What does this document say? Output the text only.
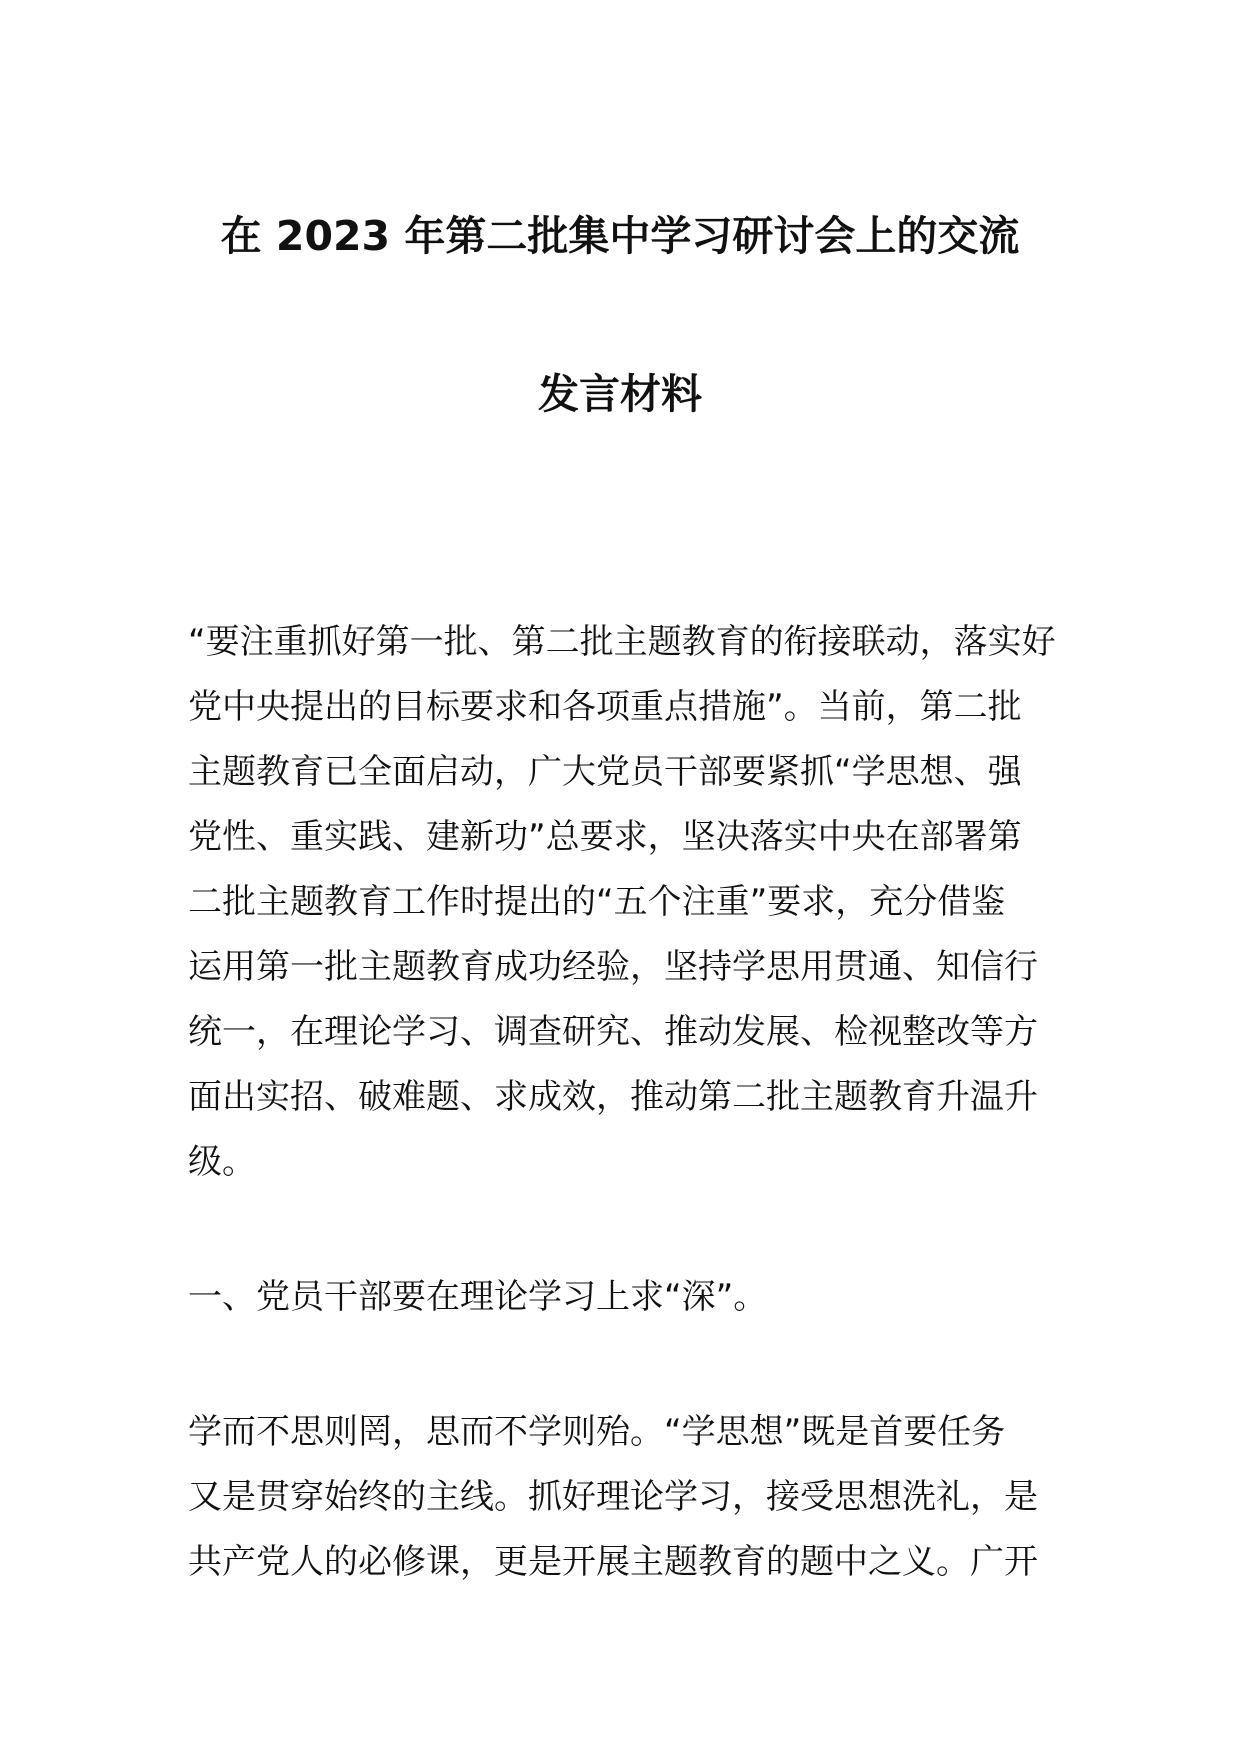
在 2023 年第二批集中学习研讨会上的交流
发言材料
“要注重抓好第一批、第二批主题教育的衔接联动，落实好
党中央提出的目标要求和各项重点措施”。当前，第二批
主题教育已全面启动，广大党员干部要紧抓“学思想、强
党性、重实践、建新功”总要求，坚决落实中央在部署第
二批主题教育工作时提出的“五个注重”要求，充分借鉴
运用第一批主题教育成功经验，坚持学思用贯通、知信行
统一，在理论学习、调查研究、推动发展、检视整改等方
面出实招、破难题、求成效，推动第二批主题教育升温升
级。
一、党员干部要在理论学习上求“深”。
学而不思则罔，思而不学则殆。“学思想”既是首要任务
又是贯穿始终的主线。抓好理论学习，接受思想洗礼，是
共产党人的必修课，更是开展主题教育的题中之义。广开
